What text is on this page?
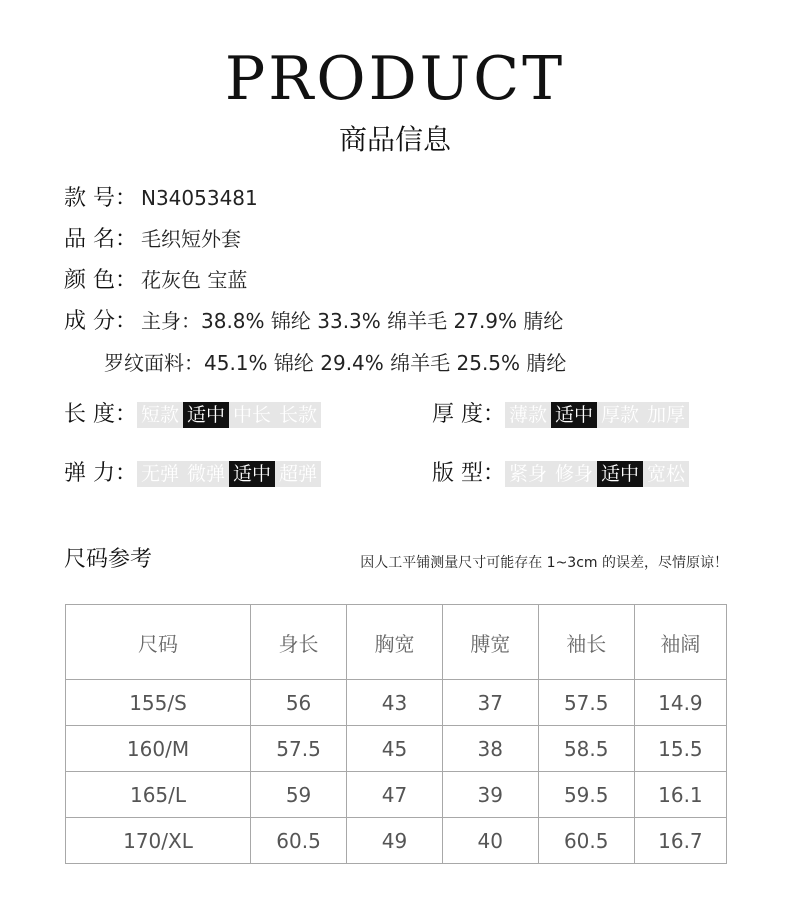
PRODUCT
商品信息
款 号： N34053481
品 名： 毛织短外套
颜 色： 花灰色 宝蓝
成 分： 主身：38.8% 锦纶 33.3% 绵羊毛 27.9% 腈纶
罗纹面料：45.1% 锦纶 29.4% 绵羊毛 25.5% 腈纶
长 度： 短款 适中 中长 长款	厚 度： 薄款 适中 厚款 加厚
弹 力： 无弹 微弹 适中 超弹	版 型： 紧身 修身 适中 宽松
尺码参考	因人工平铺测量尺寸可能存在 1~3cm 的误差，尽情原谅！
尺码	身长	胸宽	膊宽	袖长	袖阔
155/S	56	43	37	57.5	14.9
160/M	57.5	45	38	58.5	15.5
165/L	59	47	39	59.5	16.1
170/XL	60.5	49	40	60.5	16.7
